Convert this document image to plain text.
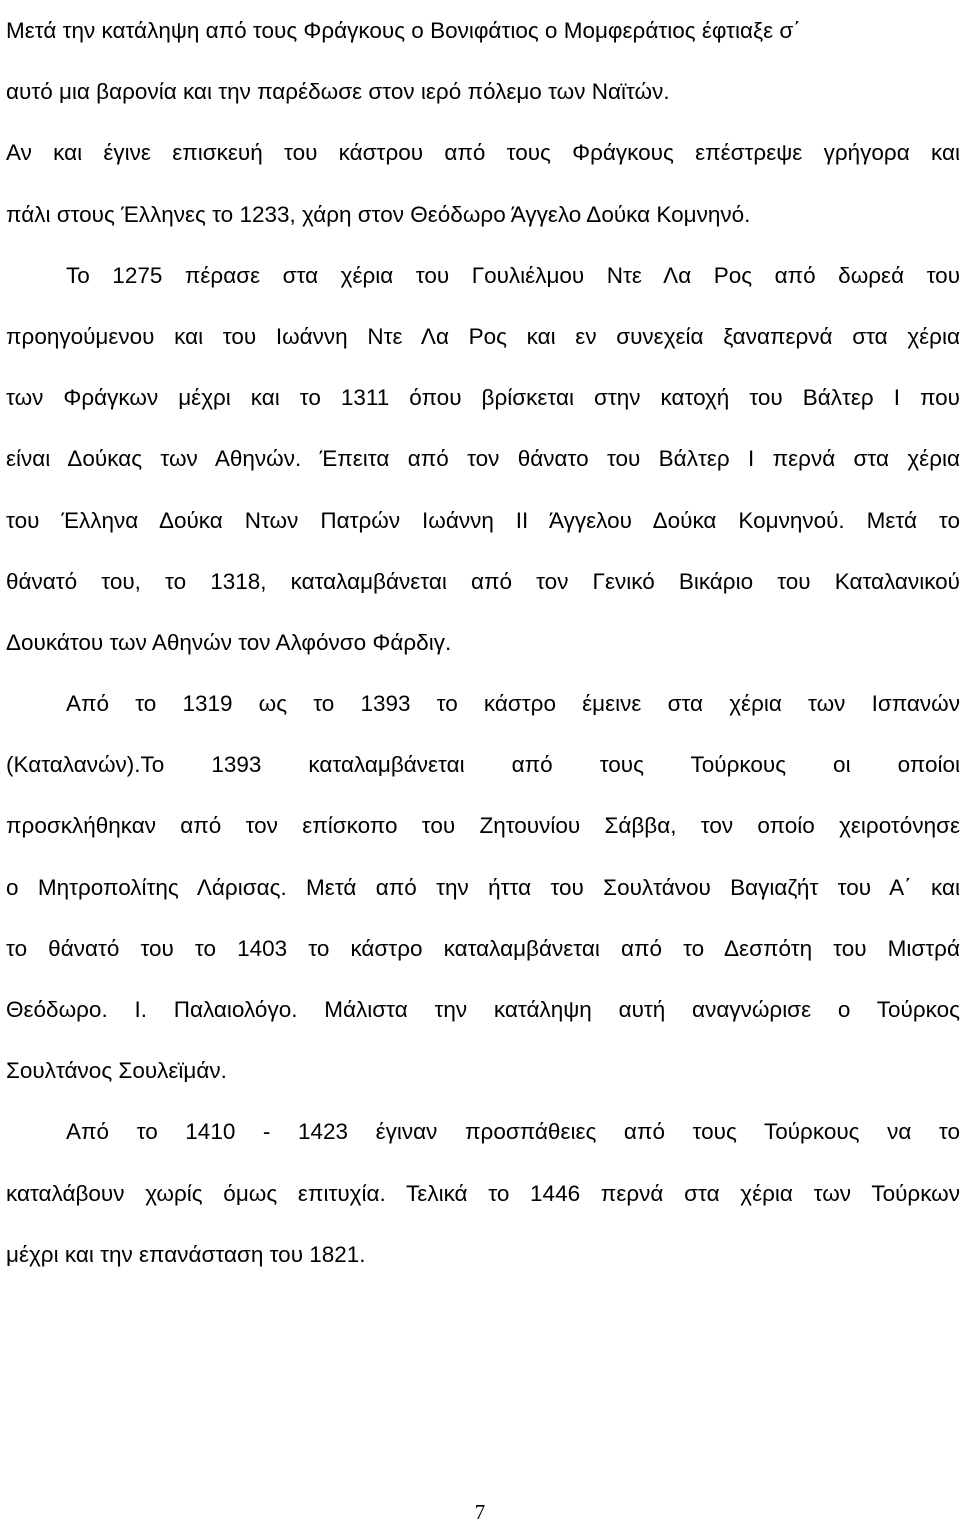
Μετά την κατάληψη από τους Φράγκους ο Βονιφάτιος ο Μομφεράτιος έφτιαξε σ΄
αυτό μια βαρονία και την παρέδωσε στον ιερό πόλεμο των Ναϊτών.
Αν και έγινε επισκευή του κάστρου από τους Φράγκους επέστρεψε γρήγορα και
πάλι στους Έλληνες το 1233, χάρη στον Θεόδωρο Άγγελο Δούκα Κομνηνό.
Το 1275 πέρασε στα χέρια του Γουλιέλμου Ντε Λα Ρος από δωρεά του
προηγούμενου και του Ιωάννη Ντε Λα Ρος και εν συνεχεία ξαναπερνά στα χέρια
των Φράγκων μέχρι και το 1311 όπου βρίσκεται στην κατοχή του Βάλτερ Ι που
είναι Δούκας των Αθηνών. Έπειτα από τον θάνατο του Βάλτερ Ι περνά στα χέρια
του Έλληνα Δούκα Ντων Πατρών Ιωάννη ΙΙ Άγγελου Δούκα Κομνηνού. Μετά το
θάνατό του, το 1318, καταλαμβάνεται από τον Γενικό Βικάριο του Καταλανικού
Δουκάτου των Αθηνών τον Αλφόνσο Φάρδιγ.
Από το 1319 ως το 1393 το κάστρο έμεινε στα χέρια των Ισπανών
(Καταλανών).Το 1393 καταλαμβάνεται από τους Τούρκους οι οποίοι
προσκλήθηκαν από τον επίσκοπο του Ζητουνίου Σάββα, τον οποίο χειροτόνησε
ο Μητροπολίτης Λάρισας. Μετά από την ήττα του Σουλτάνου Βαγιαζήτ του Α΄ και
το θάνατό του το 1403 το κάστρο καταλαμβάνεται από το Δεσπότη του Μιστρά
Θεόδωρο. Ι. Παλαιολόγο. Μάλιστα την κατάληψη αυτή αναγνώρισε ο Τούρκος
Σουλτάνος Σουλεϊμάν.
Από το 1410 - 1423 έγιναν προσπάθειες από τους Τούρκους να το
καταλάβουν χωρίς όμως επιτυχία. Τελικά το 1446 περνά στα χέρια των Τούρκων
μέχρι και την επανάσταση του 1821.
7
